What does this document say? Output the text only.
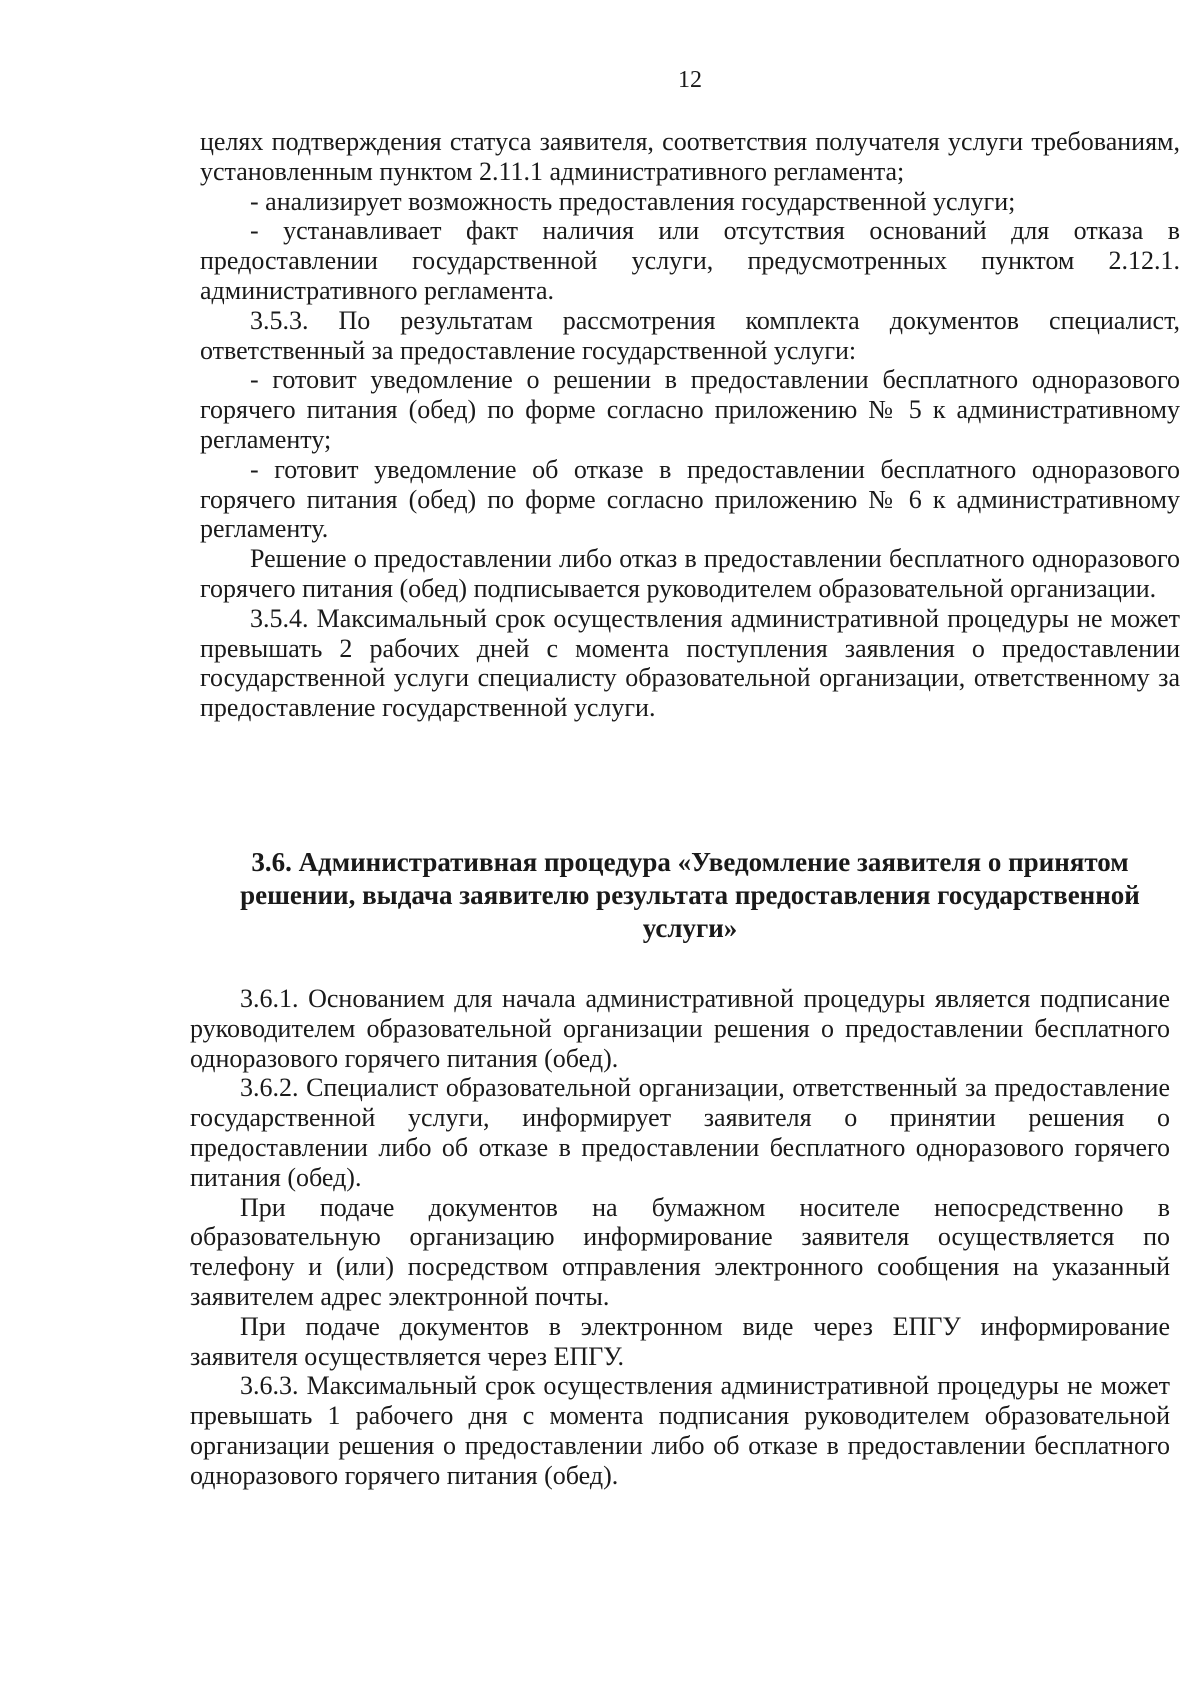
12

целях подтверждения статуса заявителя, соответствия получателя услуги требованиям, установленным пунктом 2.11.1 административного регламента;

- анализирует возможность предоставления государственной услуги;

- устанавливает факт наличия или отсутствия оснований для отказа в предоставлении государственной услуги, предусмотренных пунктом 2.12.1. административного регламента.

3.5.3. По результатам рассмотрения комплекта документов специалист, ответственный за предоставление государственной услуги:

- готовит уведомление о решении в предоставлении бесплатного одноразового горячего питания (обед) по форме согласно приложению № 5 к административному регламенту;

- готовит уведомление об отказе в предоставлении бесплатного одноразового горячего питания (обед) по форме согласно приложению № 6 к административному регламенту.

Решение о предоставлении либо отказ в предоставлении бесплатного одноразового горячего питания (обед) подписывается руководителем образовательной организации.

3.5.4. Максимальный срок осуществления административной процедуры не может превышать 2 рабочих дней с момента поступления заявления о предоставлении государственной услуги специалисту образовательной организации, ответственному за предоставление государственной услуги.

3.6. Административная процедура «Уведомление заявителя о принятом решении, выдача заявителю результата предоставления государственной услуги»

3.6.1. Основанием для начала административной процедуры является подписание руководителем образовательной организации решения о предоставлении бесплатного одноразового горячего питания (обед).

3.6.2. Специалист образовательной организации, ответственный за предоставление государственной услуги, информирует заявителя о принятии решения о предоставлении либо об отказе в предоставлении бесплатного одноразового горячего питания (обед).

При подаче документов на бумажном носителе непосредственно в образовательную организацию информирование заявителя осуществляется по телефону и (или) посредством отправления электронного сообщения на указанный заявителем адрес электронной почты.

При подаче документов в электронном виде через ЕПГУ информирование заявителя осуществляется через ЕПГУ.

3.6.3. Максимальный срок осуществления административной процедуры не может превышать 1 рабочего дня с момента подписания руководителем образовательной организации решения о предоставлении либо об отказе в предоставлении бесплатного одноразового горячего питания (обед).
